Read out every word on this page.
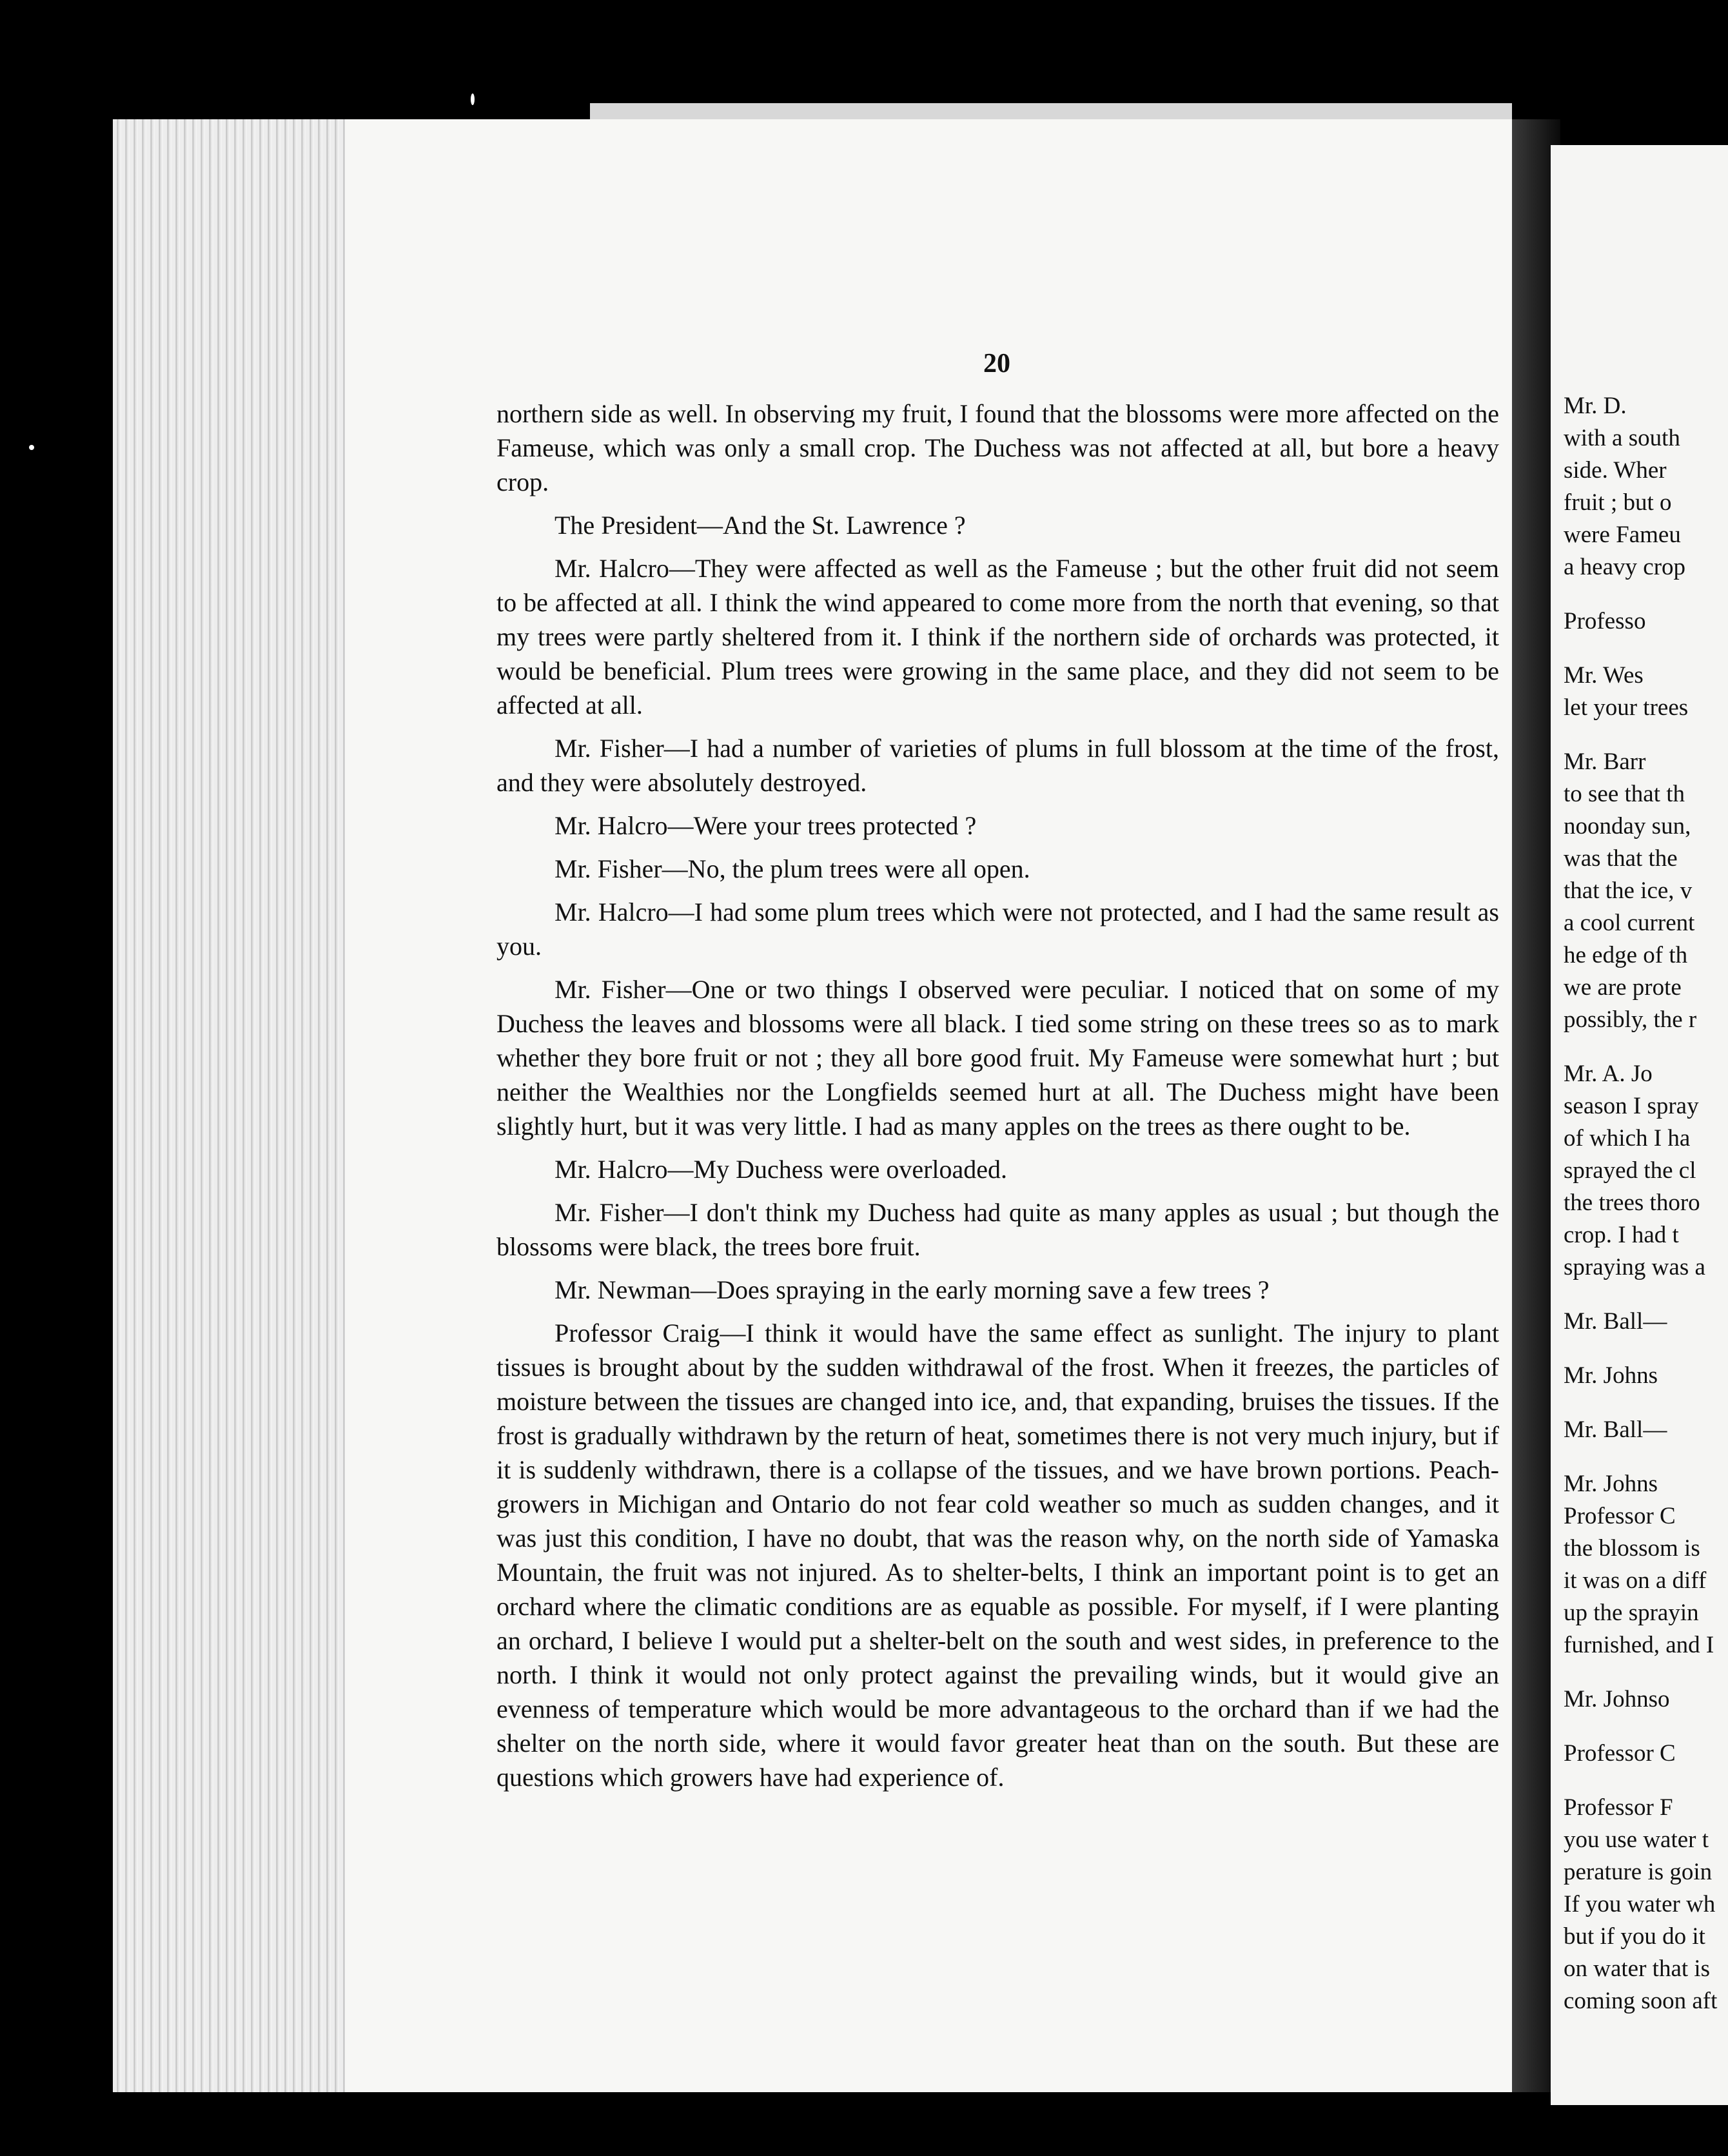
Mr. D.
with a south
side. Wher
fruit ; but o
were Fameu
a heavy crop
Professo
Mr. Wes
let your trees
Mr. Barr
to see that th
noonday sun,
was that the
that the ice, v
a cool current
he edge of th
we are prote
possibly, the r
Mr. A. Jo
season I spray
of which I ha
sprayed the cl
the trees thoro
crop. I had t
spraying was a
Mr. Ball—
Mr. Johns
Mr. Ball—
Mr. Johns
Professor C
the blossom is
it was on a diff
up the sprayin
furnished, and I
Mr. Johnso
Professor C
Professor F
you use water t
perature is goin
If you water wh
but if you do it
on water that is
coming soon aft
20

northern side as well. In observing my fruit, I found that the blossoms were more affected on the Fameuse, which was only a small crop. The Duchess was not affected at all, but bore a heavy crop.

The President—And the St. Lawrence ?

Mr. Halcro—They were affected as well as the Fameuse ; but the other fruit did not seem to be affected at all. I think the wind appeared to come more from the north that evening, so that my trees were partly sheltered from it. I think if the northern side of orchards was protected, it would be beneficial. Plum trees were growing in the same place, and they did not seem to be affected at all.

Mr. Fisher—I had a number of varieties of plums in full blossom at the time of the frost, and they were absolutely destroyed.

Mr. Halcro—Were your trees protected ?

Mr. Fisher—No, the plum trees were all open.

Mr. Halcro—I had some plum trees which were not protected, and I had the same result as you.

Mr. Fisher—One or two things I observed were peculiar. I noticed that on some of my Duchess the leaves and blossoms were all black. I tied some string on these trees so as to mark whether they bore fruit or not ; they all bore good fruit. My Fameuse were somewhat hurt ; but neither the Wealthies nor the Longfields seemed hurt at all. The Duchess might have been slightly hurt, but it was very little. I had as many apples on the trees as there ought to be.

Mr. Halcro—My Duchess were overloaded.

Mr. Fisher—I don't think my Duchess had quite as many apples as usual ; but though the blossoms were black, the trees bore fruit.

Mr. Newman—Does spraying in the early morning save a few trees ?

Professor Craig—I think it would have the same effect as sunlight. The injury to plant tissues is brought about by the sudden withdrawal of the frost. When it freezes, the particles of moisture between the tissues are changed into ice, and, that expanding, bruises the tissues. If the frost is gradually withdrawn by the return of heat, sometimes there is not very much injury, but if it is suddenly withdrawn, there is a collapse of the tissues, and we have brown portions. Peach-growers in Michigan and Ontario do not fear cold weather so much as sudden changes, and it was just this condition, I have no doubt, that was the reason why, on the north side of Yamaska Mountain, the fruit was not injured. As to shelter-belts, I think an important point is to get an orchard where the climatic conditions are as equable as possible. For myself, if I were planting an orchard, I believe I would put a shelter-belt on the south and west sides, in preference to the north. I think it would not only protect against the prevailing winds, but it would give an evenness of temperature which would be more advantageous to the orchard than if we had the shelter on the north side, where it would favor greater heat than on the south. But these are questions which growers have had experience of.
